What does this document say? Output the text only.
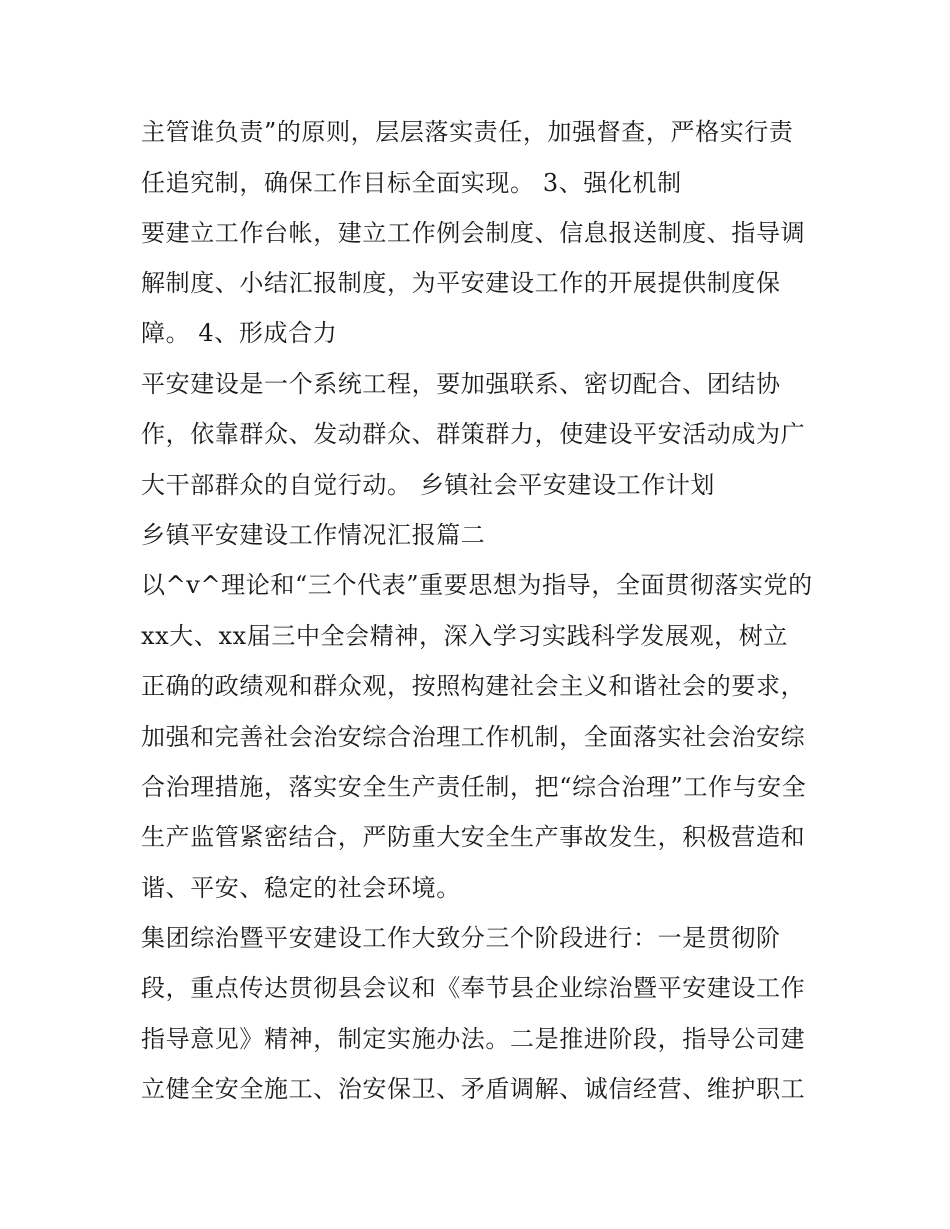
主管谁负责”的原则，层层落实责任，加强督查，严格实行责
任追究制，确保工作目标全面实现。 3、强化机制
要建立工作台帐，建立工作例会制度、信息报送制度、指导调
解制度、小结汇报制度，为平安建设工作的开展提供制度保
障。 4、形成合力
平安建设是一个系统工程，要加强联系、密切配合、团结协
作，依靠群众、发动群众、群策群力，使建设平安活动成为广
大干部群众的自觉行动。 乡镇社会平安建设工作计划
乡镇平安建设工作情况汇报篇二
以^v^理论和“三个代表”重要思想为指导，全面贯彻落实党的
xx大、xx届三中全会精神，深入学习实践科学发展观，树立
正确的政绩观和群众观，按照构建社会主义和谐社会的要求，
加强和完善社会治安综合治理工作机制，全面落实社会治安综
合治理措施，落实安全生产责任制，把“综合治理”工作与安全
生产监管紧密结合，严防重大安全生产事故发生，积极营造和
谐、平安、稳定的社会环境。
集团综治暨平安建设工作大致分三个阶段进行：一是贯彻阶
段，重点传达贯彻县会议和《奉节县企业综治暨平安建设工作
指导意见》精神，制定实施办法。二是推进阶段，指导公司建
立健全安全施工、治安保卫、矛盾调解、诚信经营、维护职工
